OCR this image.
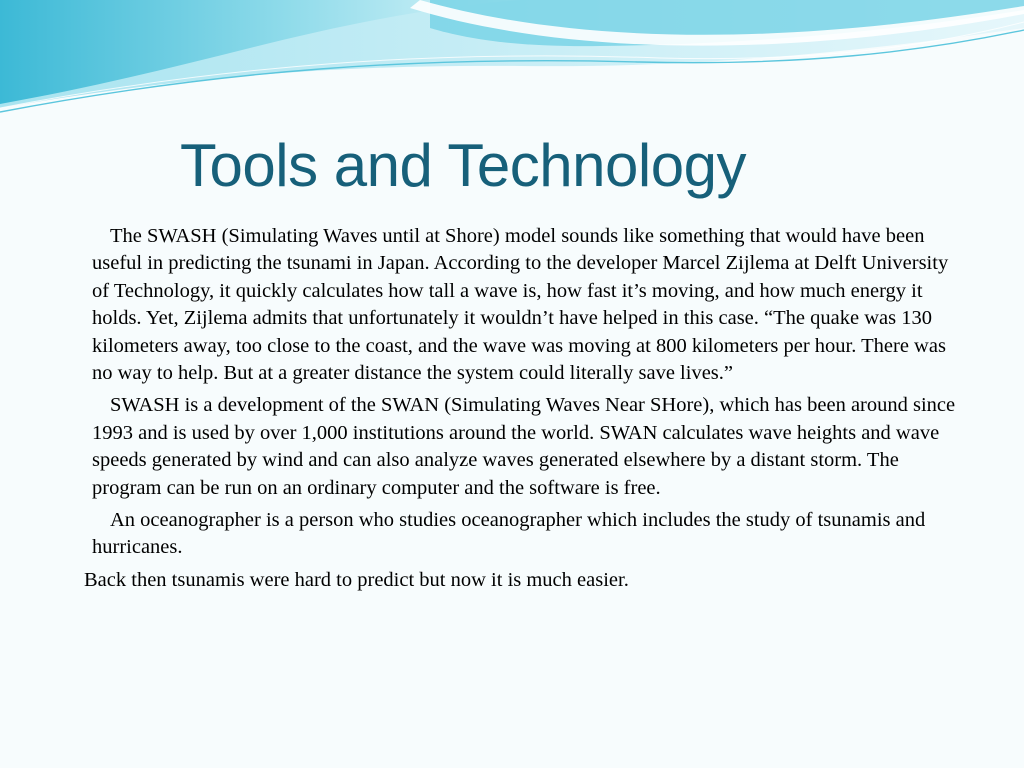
Tools and Technology

The SWASH (Simulating Waves until at Shore) model sounds like something that would have been useful in predicting the tsunami in Japan. According to the developer Marcel Zijlema at Delft University of Technology, it quickly calculates how tall a wave is, how fast it’s moving, and how much energy it holds. Yet, Zijlema admits that unfortunately it wouldn’t have helped in this case. “The quake was 130 kilometers away, too close to the coast, and the wave was moving at 800 kilometers per hour. There was no way to help. But at a greater distance the system could literally save lives.”

SWASH is a development of the SWAN (Simulating Waves Near SHore), which has been around since 1993 and is used by over 1,000 institutions around the world. SWAN calculates wave heights and wave speeds generated by wind and can also analyze waves generated elsewhere by a distant storm. The program can be run on an ordinary computer and the software is free.

An oceanographer is a person who studies oceanographer which includes the study of tsunamis and hurricanes.

Back then tsunamis were hard to predict but now it is much easier.
